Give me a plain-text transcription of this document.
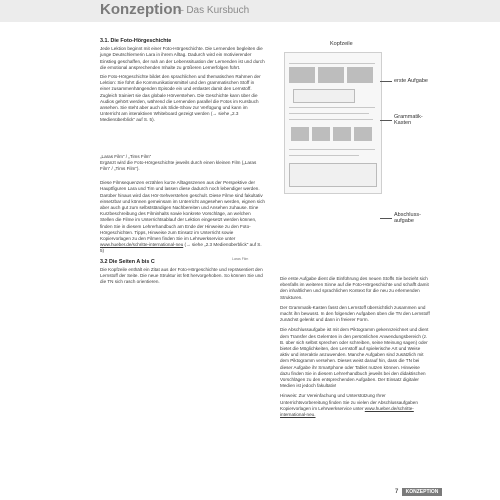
Konzeption
– Das Kursbuch
3.1. Die Foto-Hörgeschichte

Jede Lektion beginnt mit einer Foto-Hörgeschichte. Die Lernenden begleiten die junge Deutschlernerin Lara in ihrem Alltag. Dadurch wird ein motivierender Einstieg geschaffen, der nah an der Lebenssituation der Lernenden ist und durch die emotional ansprechenden Inhalte zu größeren Lernerfolgen führt.

Die Foto-Hörgeschichte bildet den sprachlichen und thematischen Rahmen der Lektion: Sie führt die Kommunikationsmittel und den grammatischen Stoff in einer zusammenhängenden Episode ein und entlastet damit den Lernstoff. Zugleich trainiert sie das globale Hörverstehen. Die Geschichte kann über die Audios gehört werden, während die Lernenden parallel die Fotos im Kursbuch ansehen. Sie steht aber auch als Slide-Show zur Verfügung und kann im Unterricht am interaktiven Whiteboard gezeigt werden (→ siehe „2.3 Medienüberblick“ auf S. 5).

„Laras Film“ / „Tims Film“

Ergänzt wird die Foto-Hörgeschichte jeweils durch einen kleinen Film („Laras Film“ / „Tims Film“).

Diese Filmsequenzen erzählen kurze Alltagsszenen aus der Perspektive der Hauptfiguren Lara und Tim und lassen diese dadurch noch lebendiger werden. Darüber hinaus wird das Hör-Sehverstehen geschult. Diese Filme sind fakultativ einsetzbar und können gemeinsam im Unterricht angesehen werden, eignen sich aber auch gut zum selbstständigen Nachbereiten und Ansehen zuhause. Eine Kurzbeschreibung des Filminhalts sowie konkrete Vorschläge, an welchen Stellen die Filme im Unterrichtsablauf der Lektion eingesetzt werden können, finden Sie in diesem Lehrerhandbuch am Ende der Hinweise zu den Foto-Hörgeschichten. Tipps, Hinweise zum Einsatz im Unterricht sowie Kopiervorlagen zu den Filmen finden Sie im Lehrwerkservice unter www.hueber.de/schritte-international-neu (→ siehe „2.3 Medienüberblick“ auf S. 5)

3.2 Die Seiten A bis C

Die Kopfzeile enthält ein Zitat aus der Foto-Hörgeschichte und repräsentiert den Lernstoff der Seite. Die neue Struktur ist fett hervorgehoben. So können Sie und die TN sich rasch orientieren.

Laras Film
Kopfzeile
erste Aufgabe
Grammatik-
Kasten
Abschluss-
aufgabe

Die erste Aufgabe dient die Einführung des neuen Stoffs Sie bezieht sich ebenfalls im weiteren Sinne auf die Foto-Hörgeschichte und schafft damit den inhaltlichen und sprachlichen Kontext für die neu zu erlernenden Strukturen.

Der Grammatik-Kasten fasst den Lernstoff übersichtlich zusammen und macht ihn bewusst. In den folgenden Aufgaben üben die TN den Lernstoff zunächst gelenkt und dann in freierer Form.

Die Abschlussaufgabe ist mit dem Piktogramm gekennzeichnet und dient dem Transfer des Gelernten in den persönlichen Anwendungsbereich (z. B. über sich selbst sprechen oder schreiben, seine Meinung sagen) oder bietet die Möglichkeiten, den Lernstoff auf spielerische Art und Weise aktiv und interaktiv anzuwenden. Manche Aufgaben sind zusätzlich mit dem Piktogramm versehen. Dieses weist darauf hin, dass die TN bei dieser Aufgabe ihr Smartphone oder Tablet nutzen können. Hinweise dazu finden Sie in diesem Lehrerhandbuch jeweils bei den didaktischen Vorschlägen zu den entsprechenden Aufgaben. Der Einsatz digitaler Medien ist jedoch fakultativ!

Hinweis: Zur Vereinfachung und Unterstützung Ihrer Unterrichtsvorbereitung finden Sie zu vielen der Abschlussaufgaben Kopiervorlagen im Lehrwerkservice unter www.hueber.de/schritte-international-neu.

7	KONZEPTION
